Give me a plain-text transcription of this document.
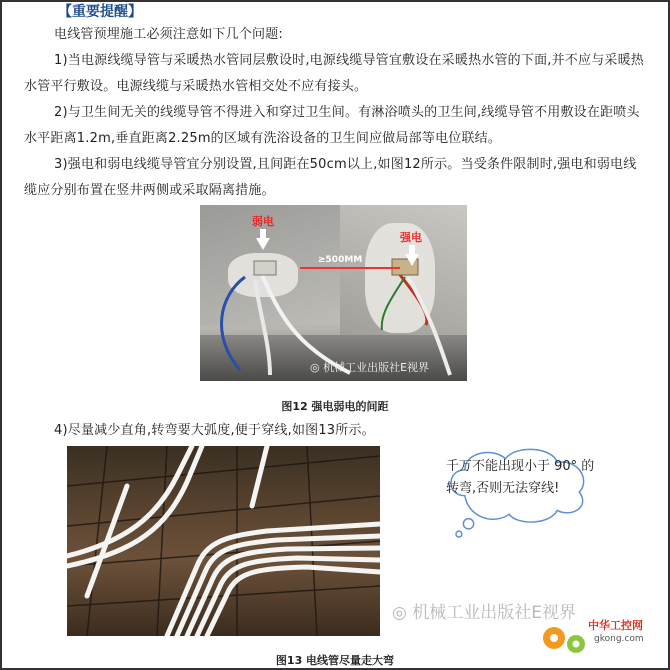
【重要提醒】
电线管预埋施工必须注意如下几个问题:
1)当电源线缆导管与采暖热水管同层敷设时,电源线缆导管宜敷设在采暖热水管的下面,并不应与采暖热水管平行敷设。电源线缆与采暖热水管相交处不应有接头。
2)与卫生间无关的线缆导管不得进入和穿过卫生间。有淋浴喷头的卫生间,线缆导管不用敷设在距喷头水平距离1.2m,垂直距离2.25m的区域有洗浴设备的卫生间应做局部等电位联结。
3)强电和弱电线缆导管宜分别设置,且间距在50cm以上,如图12所示。当受条件限制时,强电和弱电线缆应分别布置在竖井两侧或采取隔离措施。
弱电
强电
≥500MM
◎ 机械工业出版社E视界
图12 强电弱电的间距
4)尽量减少直角,转弯要大弧度,便于穿线,如图13所示。
图13 电线管尽量走大弯
千万不能出现小于 90° 的转弯,否则无法穿线!
◎ 机械工业出版社E视界
中华工控网
gkong.com
